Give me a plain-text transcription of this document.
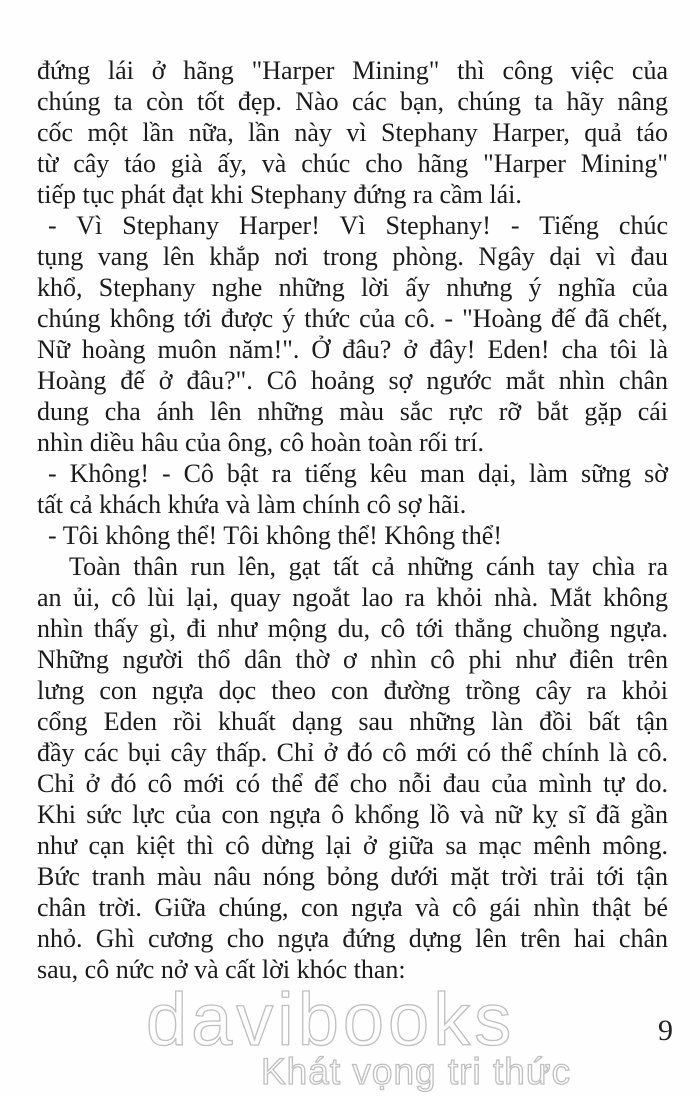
đứng lái ở hãng "Harper Mining" thì công việc của
chúng ta còn tốt đẹp. Nào các bạn, chúng ta hãy nâng
cốc một lần nữa, lần này vì Stephany Harper, quả táo
từ cây táo già ấy, và chúc cho hãng "Harper Mining"
tiếp tục phát đạt khi Stephany đứng ra cầm lái.

- Vì Stephany Harper! Vì Stephany! - Tiếng chúc
tụng vang lên khắp nơi trong phòng. Ngây dại vì đau
khổ, Stephany nghe những lời ấy nhưng ý nghĩa của
chúng không tới được ý thức của cô. - "Hoàng đế đã chết,
Nữ hoàng muôn năm!". Ở đâu? ở đây! Eden! cha tôi là
Hoàng đế ở đâu?". Cô hoảng sợ ngước mắt nhìn chân
dung cha ánh lên những màu sắc rực rỡ bắt gặp cái
nhìn diều hâu của ông, cô hoàn toàn rối trí.

- Không! - Cô bật ra tiếng kêu man dại, làm sững sờ
tất cả khách khứa và làm chính cô sợ hãi.

- Tôi không thể! Tôi không thể! Không thể!

Toàn thân run lên, gạt tất cả những cánh tay chìa ra
an ủi, cô lùi lại, quay ngoắt lao ra khỏi nhà. Mắt không
nhìn thấy gì, đi như mộng du, cô tới thẳng chuồng ngựa.
Những người thổ dân thờ ơ nhìn cô phi như điên trên
lưng con ngựa dọc theo con đường trồng cây ra khỏi
cổng Eden rồi khuất dạng sau những làn đồi bất tận
đầy các bụi cây thấp. Chỉ ở đó cô mới có thể chính là cô.
Chỉ ở đó cô mới có thể để cho nỗi đau của mình tự do.
Khi sức lực của con ngựa ô khổng lồ và nữ kỵ sĩ đã gần
như cạn kiệt thì cô dừng lại ở giữa sa mạc mênh mông.
Bức tranh màu nâu nóng bỏng dưới mặt trời trải tới tận
chân trời. Giữa chúng, con ngựa và cô gái nhìn thật bé
nhỏ. Ghì cương cho ngựa đứng dựng lên trên hai chân
sau, cô nức nở và cất lời khóc than:

davibooks
Khát vọng tri thức
9
